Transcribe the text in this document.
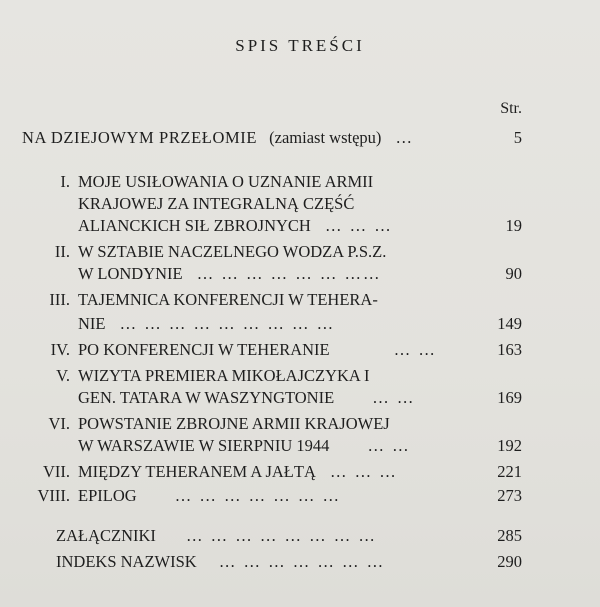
SPIS TREŚCI
Str.
NA DZIEJOWYM PRZEŁOMIE (zamiast wstępu) …	5
I. MOJE USIŁOWANIA O UZNANIE ARMII
KRAJOWEJ ZA INTEGRALNĄ CZĘŚĆ
ALIANCKICH SIŁ ZBROJNYCH … … …	19
II. W SZTABIE NACZELNEGO WODZA P.S.Z.
W LONDYNIE … … … … … … ……	90
III. TAJEMNICA KONFERENCJI W TEHERA-
NIE … … … … … … … … …	149
IV. PO KONFERENCJI W TEHERANIE	… …	163
V. WIZYTA PREMIERA MIKOŁAJCZYKA I
GEN. TATARA W WASZYNGTONIE … …	169
VI. POWSTANIE ZBROJNE ARMII KRAJOWEJ
W WARSZAWIE W SIERPNIU 1944 … …	192
VII. MIĘDZY TEHERANEM A JAŁTĄ … … …	221
VIII. EPILOG … … … … … … …	273
ZAŁĄCZNIKI … … … … … … … …	285
INDEKS NAZWISK … … … … … … …	290
